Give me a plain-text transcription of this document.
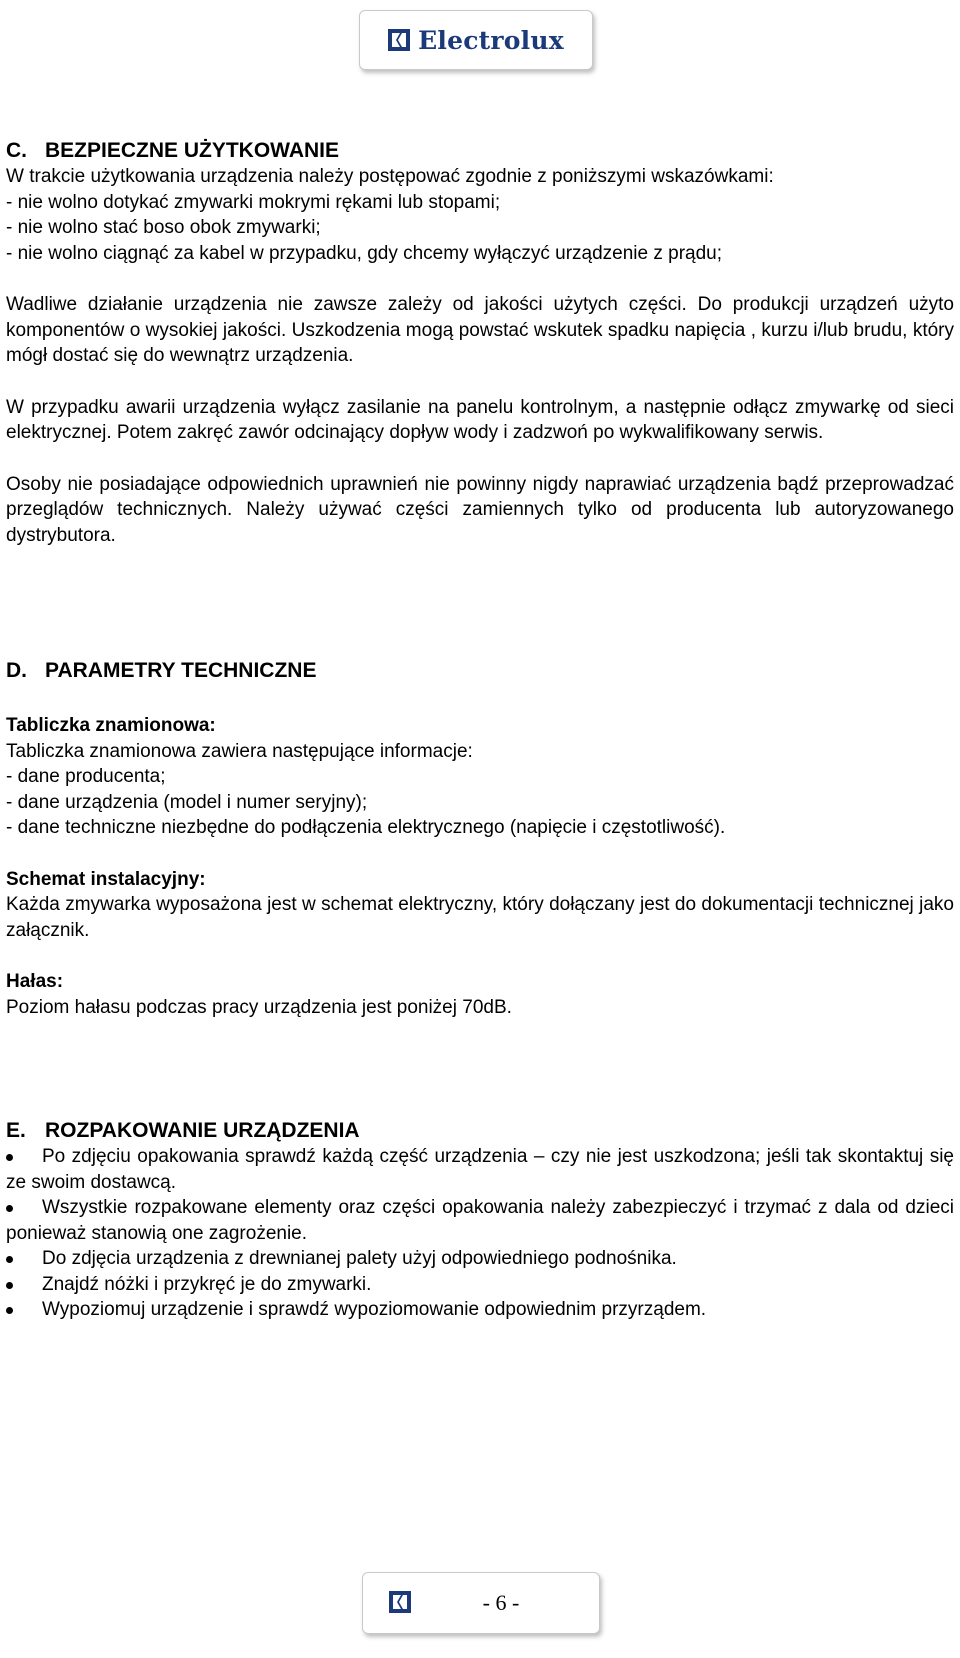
Electrolux

C. BEZPIECZNE UŻYTKOWANIE

W trakcie użytkowania urządzenia należy postępować zgodnie z poniższymi wskazówkami:

- nie wolno dotykać zmywarki mokrymi rękami lub stopami;

- nie wolno stać boso obok zmywarki;

- nie wolno ciągnąć za kabel w przypadku, gdy chcemy wyłączyć urządzenie z prądu;

Wadliwe działanie urządzenia nie zawsze zależy od jakości użytych części. Do produkcji urządzeń użyto komponentów o wysokiej jakości. Uszkodzenia mogą powstać wskutek spadku napięcia , kurzu i/lub brudu, który mógł dostać się do wewnątrz urządzenia.

W przypadku awarii urządzenia wyłącz zasilanie na panelu kontrolnym, a następnie odłącz zmywarkę od sieci elektrycznej. Potem zakręć zawór odcinający dopływ wody i zadzwoń po wykwalifikowany serwis.

Osoby nie posiadające odpowiednich uprawnień nie powinny nigdy naprawiać urządzenia bądź przeprowadzać przeglądów technicznych. Należy używać części zamiennych tylko od producenta lub autoryzowanego dystrybutora.

D. PARAMETRY TECHNICZNE

Tabliczka znamionowa:

Tabliczka znamionowa zawiera następujące informacje:

- dane producenta;

- dane urządzenia (model i numer seryjny);

- dane techniczne niezbędne do podłączenia elektrycznego (napięcie i częstotliwość).

Schemat instalacyjny:

Każda zmywarka wyposażona jest w schemat elektryczny, który dołączany jest do dokumentacji technicznej jako załącznik.

Hałas:

Poziom hałasu podczas pracy urządzenia jest poniżej 70dB.

E. ROZPAKOWANIE URZĄDZENIA

Po zdjęciu opakowania sprawdź każdą część urządzenia – czy nie jest uszkodzona; jeśli tak skontaktuj się ze swoim dostawcą.
Wszystkie rozpakowane elementy oraz części opakowania należy zabezpieczyć i trzymać z dala od dzieci ponieważ stanowią one zagrożenie.
Do zdjęcia urządzenia z drewnianej palety użyj odpowiedniego podnośnika.
Znajdź nóżki i przykręć je do zmywarki.
Wypoziomuj urządzenie i sprawdź wypoziomowanie odpowiednim przyrządem.
- 6 -
